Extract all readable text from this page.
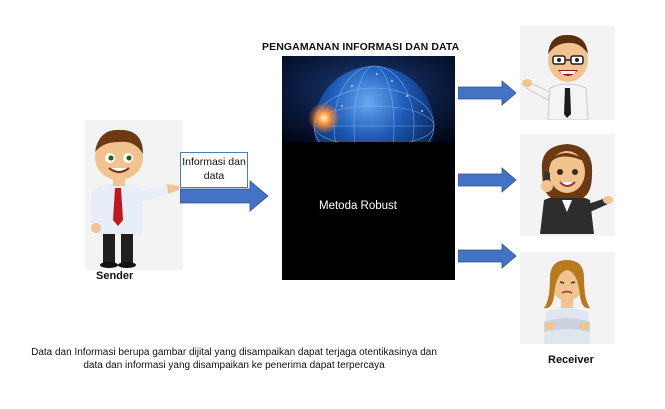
PENGAMANAN INFORMASI DAN DATA
Metoda Robust
Sender
Informasi dan data
Receiver
Data dan Informasi berupa gambar dijital yang disampaikan dapat terjaga otentikasinya dan data dan informasi yang disampaikan ke penerima dapat terpercaya
